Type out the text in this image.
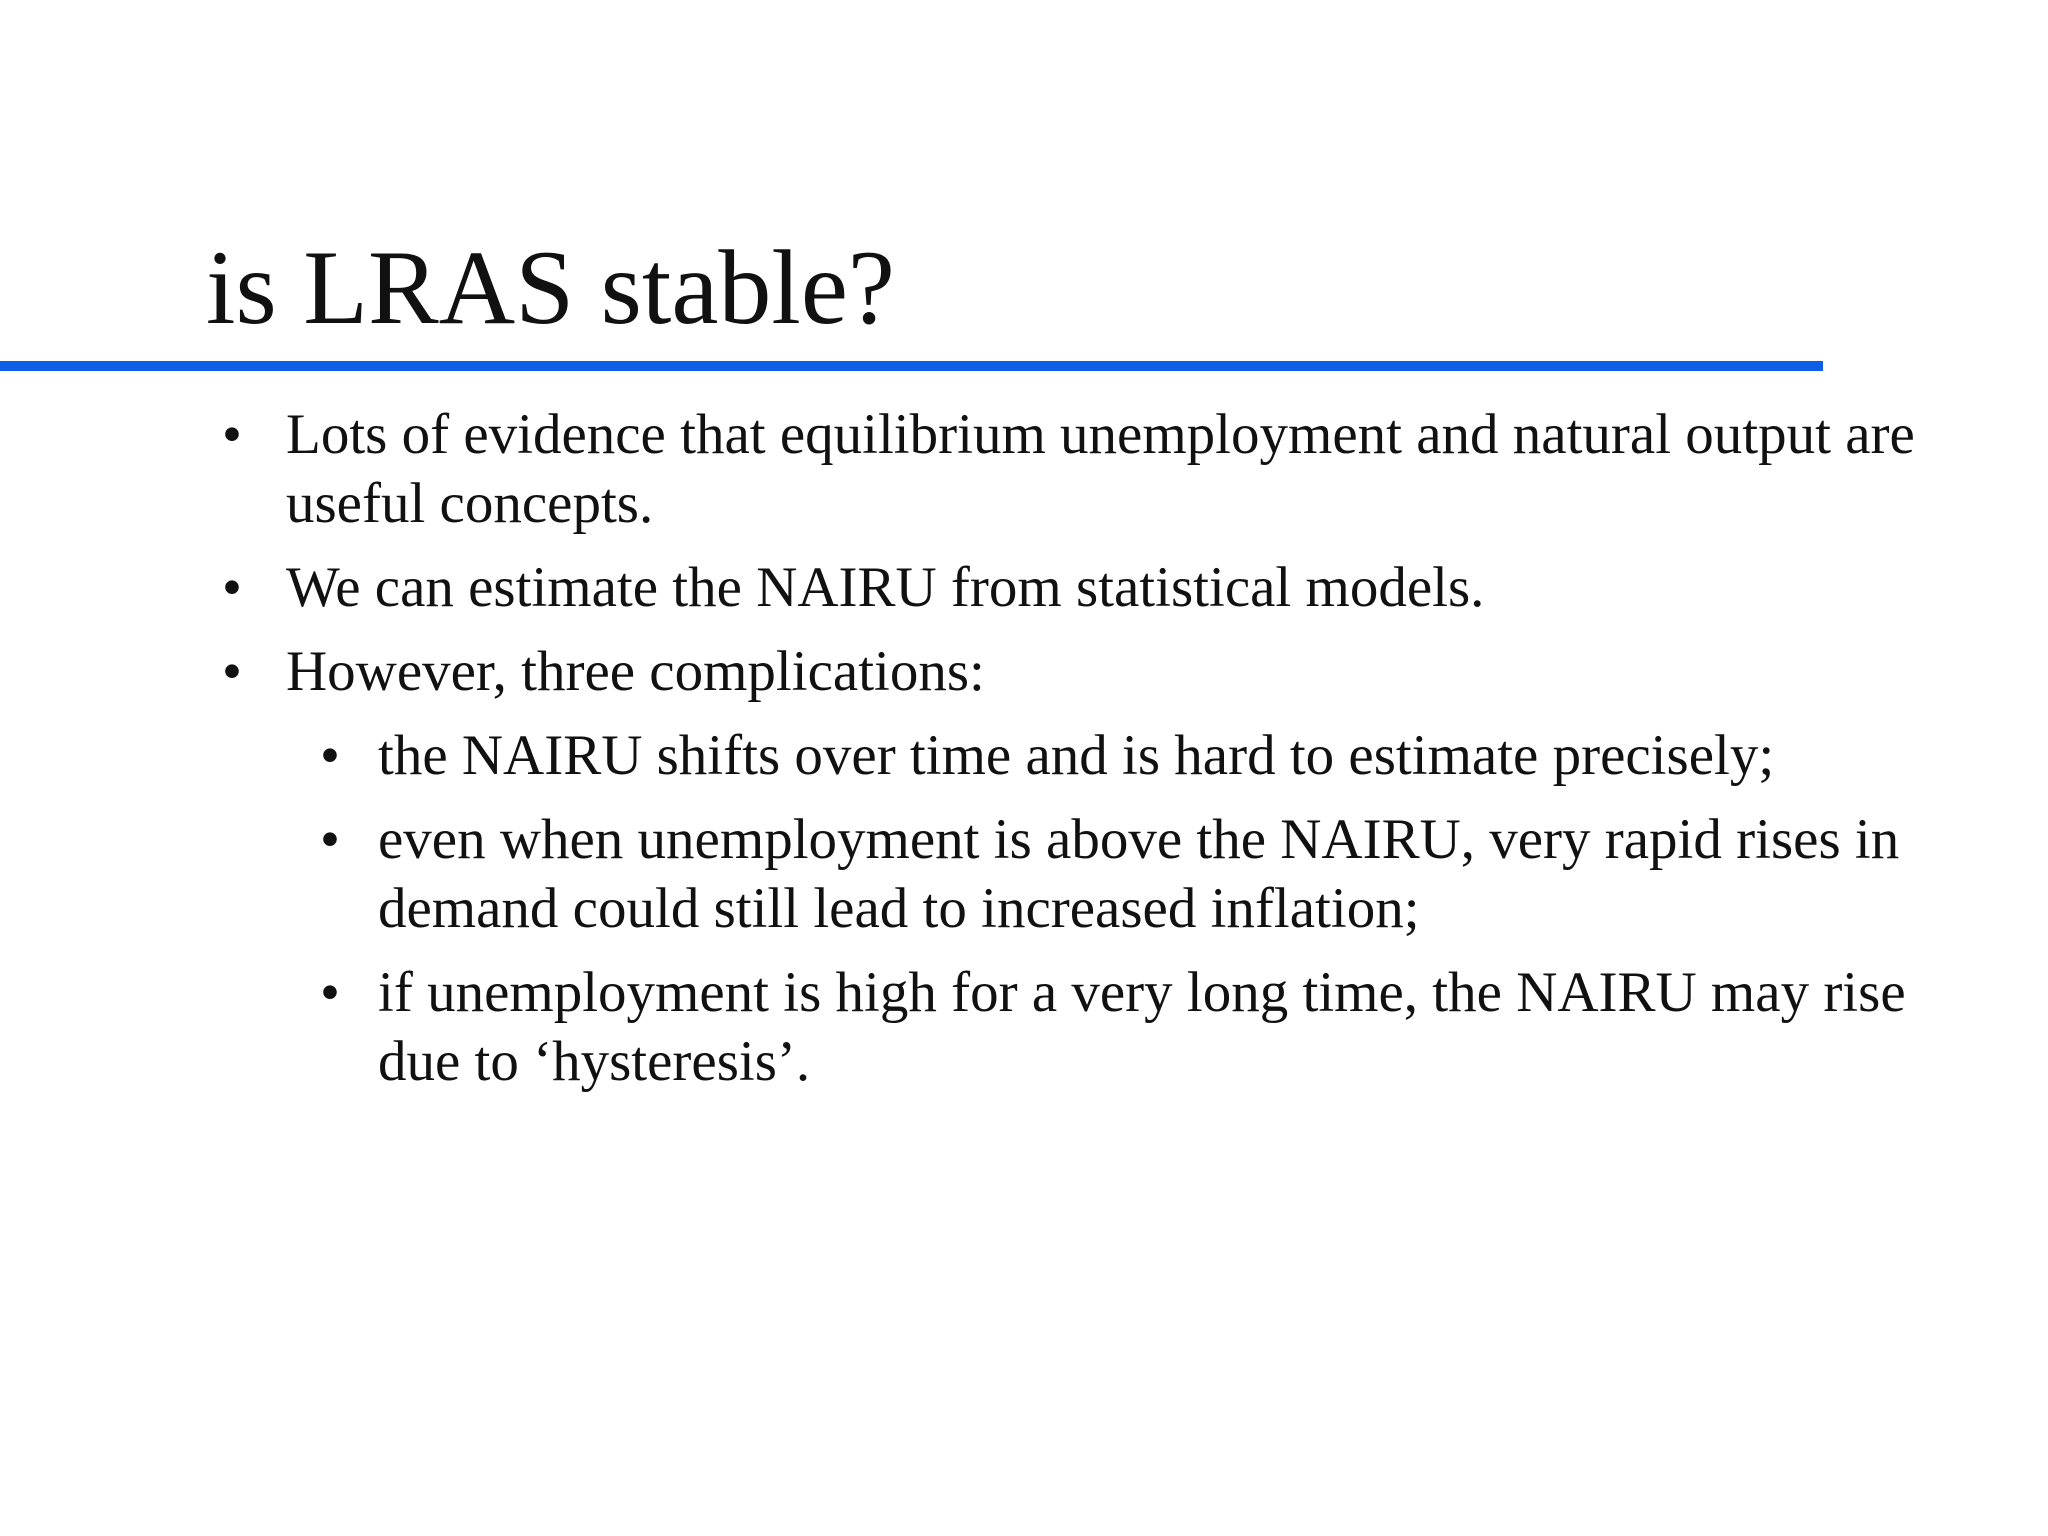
is LRAS stable?
• Lots of evidence that equilibrium unemployment and natural output are useful concepts.
• We can estimate the NAIRU from statistical models.
• However, three complications:
• the NAIRU shifts over time and is hard to estimate precisely;
• even when unemployment is above the NAIRU, very rapid rises in demand could still lead to increased inflation;
• if unemployment is high for a very long time, the NAIRU may rise due to ‘hysteresis’.
